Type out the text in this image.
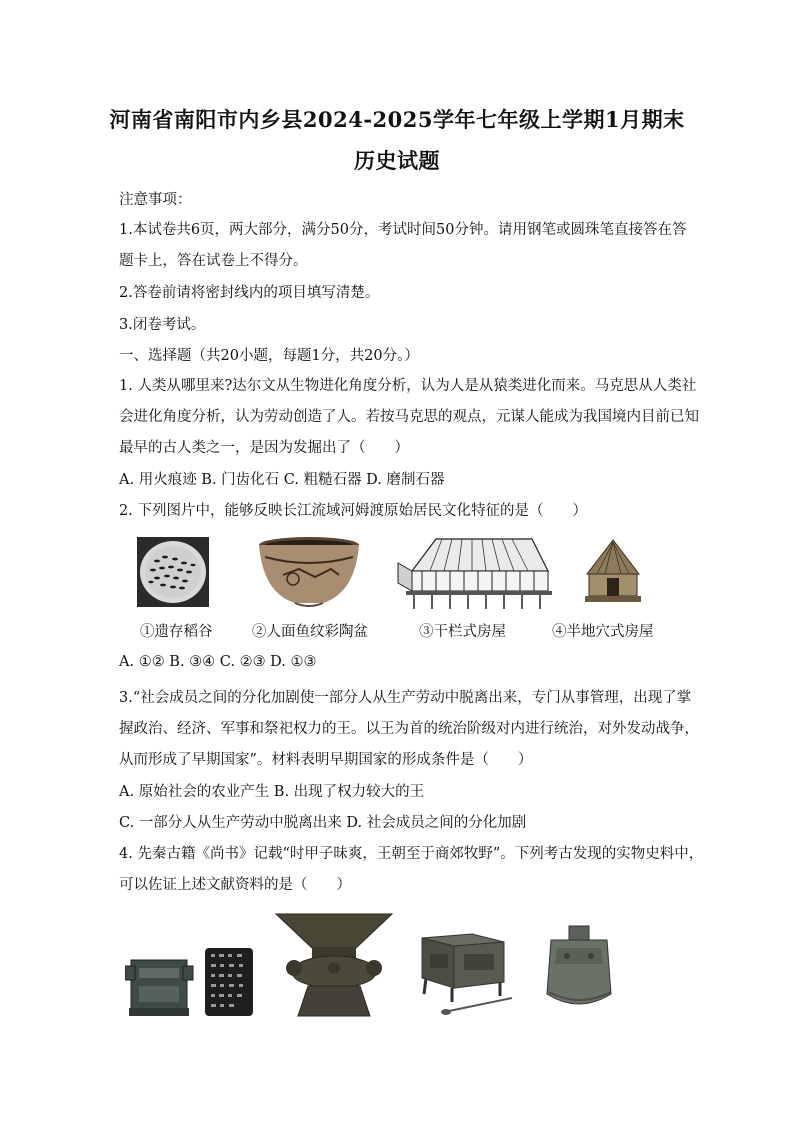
河南省南阳市内乡县2024-2025学年七年级上学期1月期末
历史试题
注意事项：
1.本试卷共6页，两大部分，满分50分，考试时间50分钟。请用钢笔或圆珠笔直接答在答
题卡上，答在试卷上不得分。
2.答卷前请将密封线内的项目填写清楚。
3.闭卷考试。
一、选择题（共20小题，每题1分，共20分。）
1. 人类从哪里来?达尔文从生物进化角度分析，认为人是从猿类进化而来。马克思从人类社
会进化角度分析，认为劳动创造了人。若按马克思的观点，元谋人能成为我国境内目前已知
最早的古人类之一，是因为发掘出了（　　）
A. 用火痕迹 B. 门齿化石 C. 粗糙石器 D. 磨制石器
2. 下列图片中，能够反映长江流域河姆渡原始居民文化特征的是（　　）
①遗存稻谷	②人面鱼纹彩陶盆	③干栏式房屋	④半地穴式房屋
A. ①② B. ③④ C. ②③ D. ①③
3.“社会成员之间的分化加剧使一部分人从生产劳动中脱离出来，专门从事管理，出现了掌
握政治、经济、军事和祭祀权力的王。以王为首的统治阶级对内进行统治，对外发动战争，
从而形成了早期国家”。材料表明早期国家的形成条件是（　　）
A. 原始社会的农业产生 B. 出现了权力较大的王
C. 一部分人从生产劳动中脱离出来 D. 社会成员之间的分化加剧
4. 先秦古籍《尚书》记载“时甲子昧爽，王朝至于商郊牧野”。下列考古发现的实物史料中，
可以佐证上述文献资料的是（　　）
